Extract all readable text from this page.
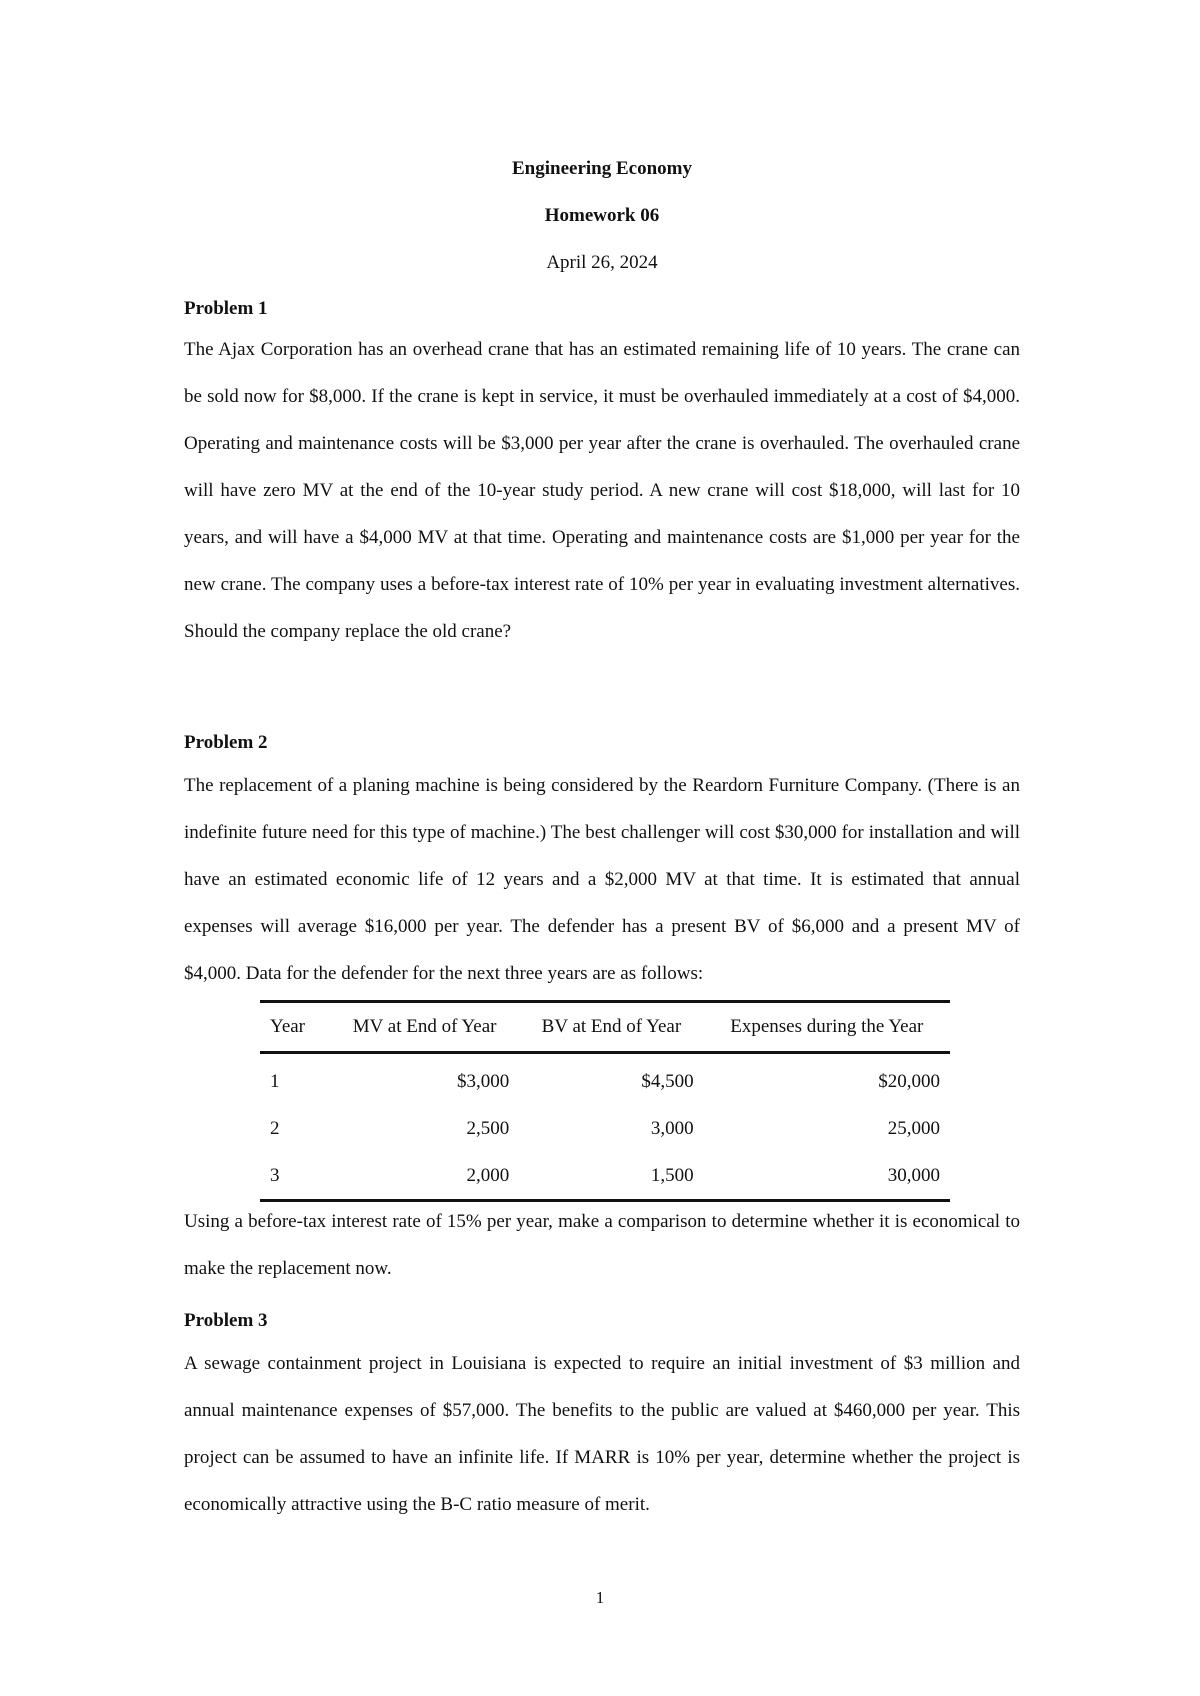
Engineering Economy
Homework 06
April 26, 2024
Problem 1

The Ajax Corporation has an overhead crane that has an estimated remaining life of 10 years. The crane can be sold now for $8,000. If the crane is kept in service, it must be overhauled immediately at a cost of $4,000. Operating and maintenance costs will be $3,000 per year after the crane is overhauled. The overhauled crane will have zero MV at the end of the 10-year study period. A new crane will cost $18,000, will last for 10 years, and will have a $4,000 MV at that time. Operating and maintenance costs are $1,000 per year for the new crane. The company uses a before-tax interest rate of 10% per year in evaluating investment alternatives. Should the company replace the old crane?

Problem 2

The replacement of a planing machine is being considered by the Reardorn Furniture Company. (There is an indefinite future need for this type of machine.) The best challenger will cost $30,000 for installation and will have an estimated economic life of 12 years and a $2,000 MV at that time. It is estimated that annual expenses will average $16,000 per year. The defender has a present BV of $6,000 and a present MV of $4,000. Data for the defender for the next three years are as follows:

Year	MV at End of Year	BV at End of Year	Expenses during the Year
1	$3,000	$4,500	$20,000
2	2,500	3,000	25,000
3	2,000	1,500	30,000

Using a before-tax interest rate of 15% per year, make a comparison to determine whether it is economical to make the replacement now.

Problem 3

A sewage containment project in Louisiana is expected to require an initial investment of $3 million and annual maintenance expenses of $57,000. The benefits to the public are valued at $460,000 per year. This project can be assumed to have an infinite life. If MARR is 10% per year, determine whether the project is economically attractive using the B-C ratio measure of merit.

1
